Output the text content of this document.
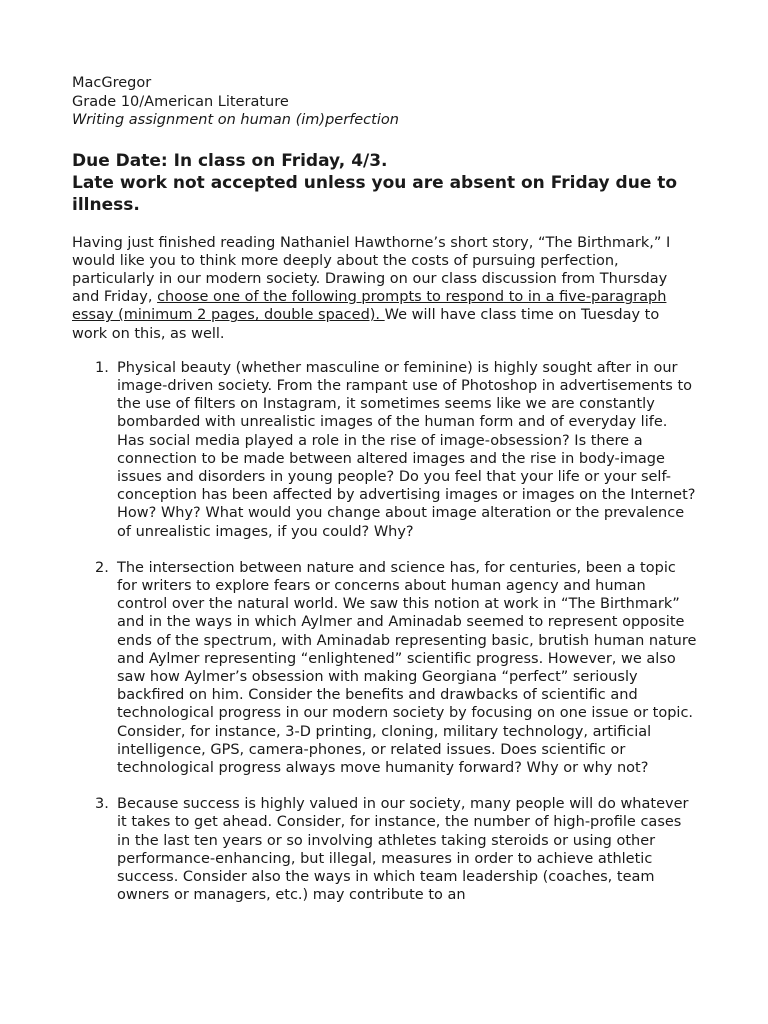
MacGregor

Grade 10/American Literature

Writing assignment on human (im)perfection

Due Date: In class on Friday, 4/3.

Late work not accepted unless you are absent on Friday due to illness.

Having just finished reading Nathaniel Hawthorne’s short story, “The Birthmark,” I would like you to think more deeply about the costs of pursuing perfection, particularly in our modern society. Drawing on our class discussion from Thursday and Friday, choose one of the following prompts to respond to in a five-paragraph essay (minimum 2 pages, double spaced). We will have class time on Tuesday to work on this, as well.
1. Physical beauty (whether masculine or feminine) is highly sought after in our image-driven society. From the rampant use of Photoshop in advertisements to the use of filters on Instagram, it sometimes seems like we are constantly bombarded with unrealistic images of the human form and of everyday life. Has social media played a role in the rise of image-obsession? Is there a connection to be made between altered images and the rise in body-image issues and disorders in young people? Do you feel that your life or your self-conception has been affected by advertising images or images on the Internet? How? Why? What would you change about image alteration or the prevalence of unrealistic images, if you could? Why?
2. The intersection between nature and science has, for centuries, been a topic for writers to explore fears or concerns about human agency and human control over the natural world. We saw this notion at work in “The Birthmark” and in the ways in which Aylmer and Aminadab seemed to represent opposite ends of the spectrum, with Aminadab representing basic, brutish human nature and Aylmer representing “enlightened” scientific progress. However, we also saw how Aylmer’s obsession with making Georgiana “perfect” seriously backfired on him. Consider the benefits and drawbacks of scientific and technological progress in our modern society by focusing on one issue or topic. Consider, for instance, 3-D printing, cloning, military technology, artificial intelligence, GPS, camera-phones, or related issues. Does scientific or technological progress always move humanity forward? Why or why not?
3. Because success is highly valued in our society, many people will do whatever it takes to get ahead. Consider, for instance, the number of high-profile cases in the last ten years or so involving athletes taking steroids or using other performance-enhancing, but illegal, measures in order to achieve athletic success. Consider also the ways in which team leadership (coaches, team owners or managers, etc.) may contribute to an
